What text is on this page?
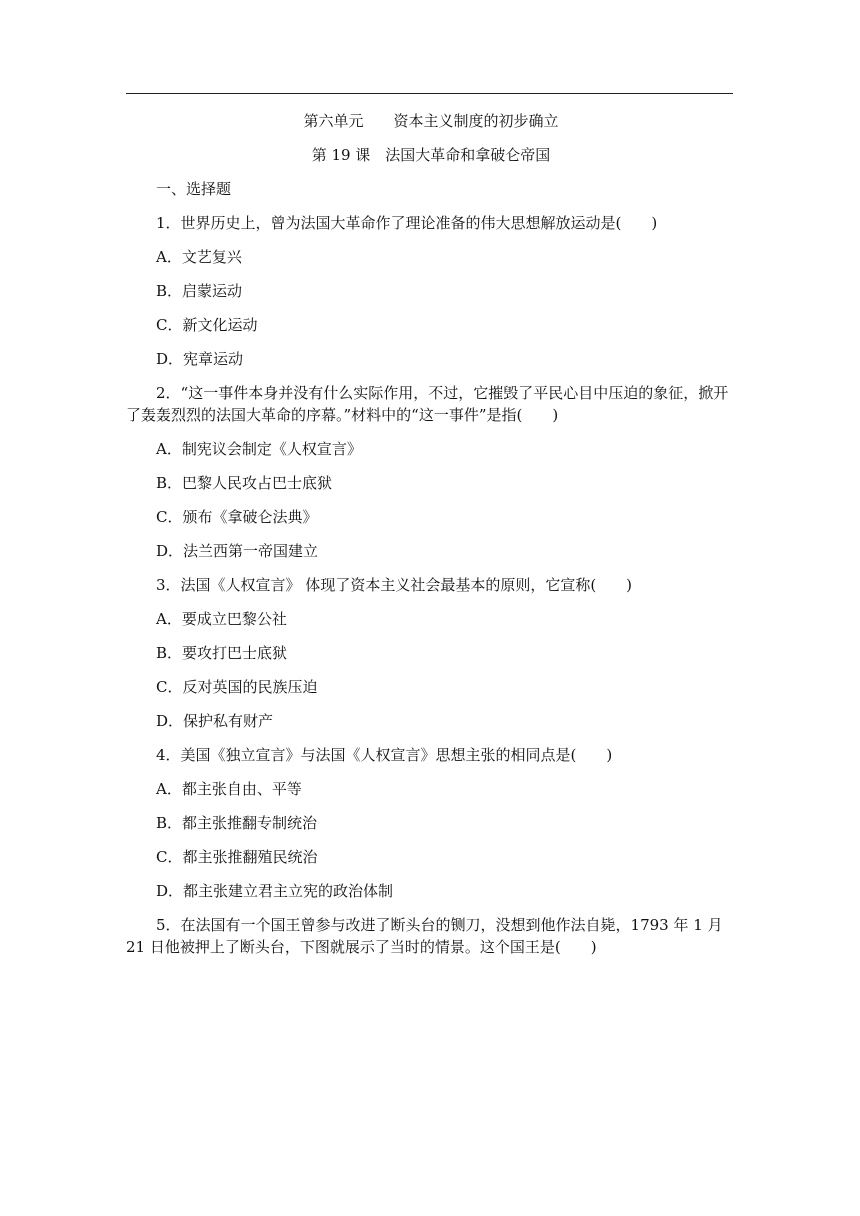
第六单元 资本主义制度的初步确立
第 19 课　法国大革命和拿破仑帝国
一、选择题
1．世界历史上，曾为法国大革命作了理论准备的伟大思想解放运动是(　　)
A．文艺复兴
B．启蒙运动
C．新文化运动
D．宪章运动
2．“这一事件本身并没有什么实际作用，不过，它摧毁了平民心目中压迫的象征，掀开了轰轰烈烈的法国大革命的序幕。”材料中的“这一事件”是指(　　)
A．制宪议会制定《人权宣言》
B．巴黎人民攻占巴士底狱
C．颁布《拿破仑法典》
D．法兰西第一帝国建立
3．法国《人权宣言》 体现了资本主义社会最基本的原则，它宣称(　　)
A．要成立巴黎公社
B．要攻打巴士底狱
C．反对英国的民族压迫
D．保护私有财产
4．美国《独立宣言》与法国《人权宣言》思想主张的相同点是(　　)
A．都主张自由、平等
B．都主张推翻专制统治
C．都主张推翻殖民统治
D．都主张建立君主立宪的政治体制
5．在法国有一个国王曾参与改进了断头台的铡刀，没想到他作法自毙，1793 年 1 月 21 日他被押上了断头台，下图就展示了当时的情景。这个国王是(　　)
